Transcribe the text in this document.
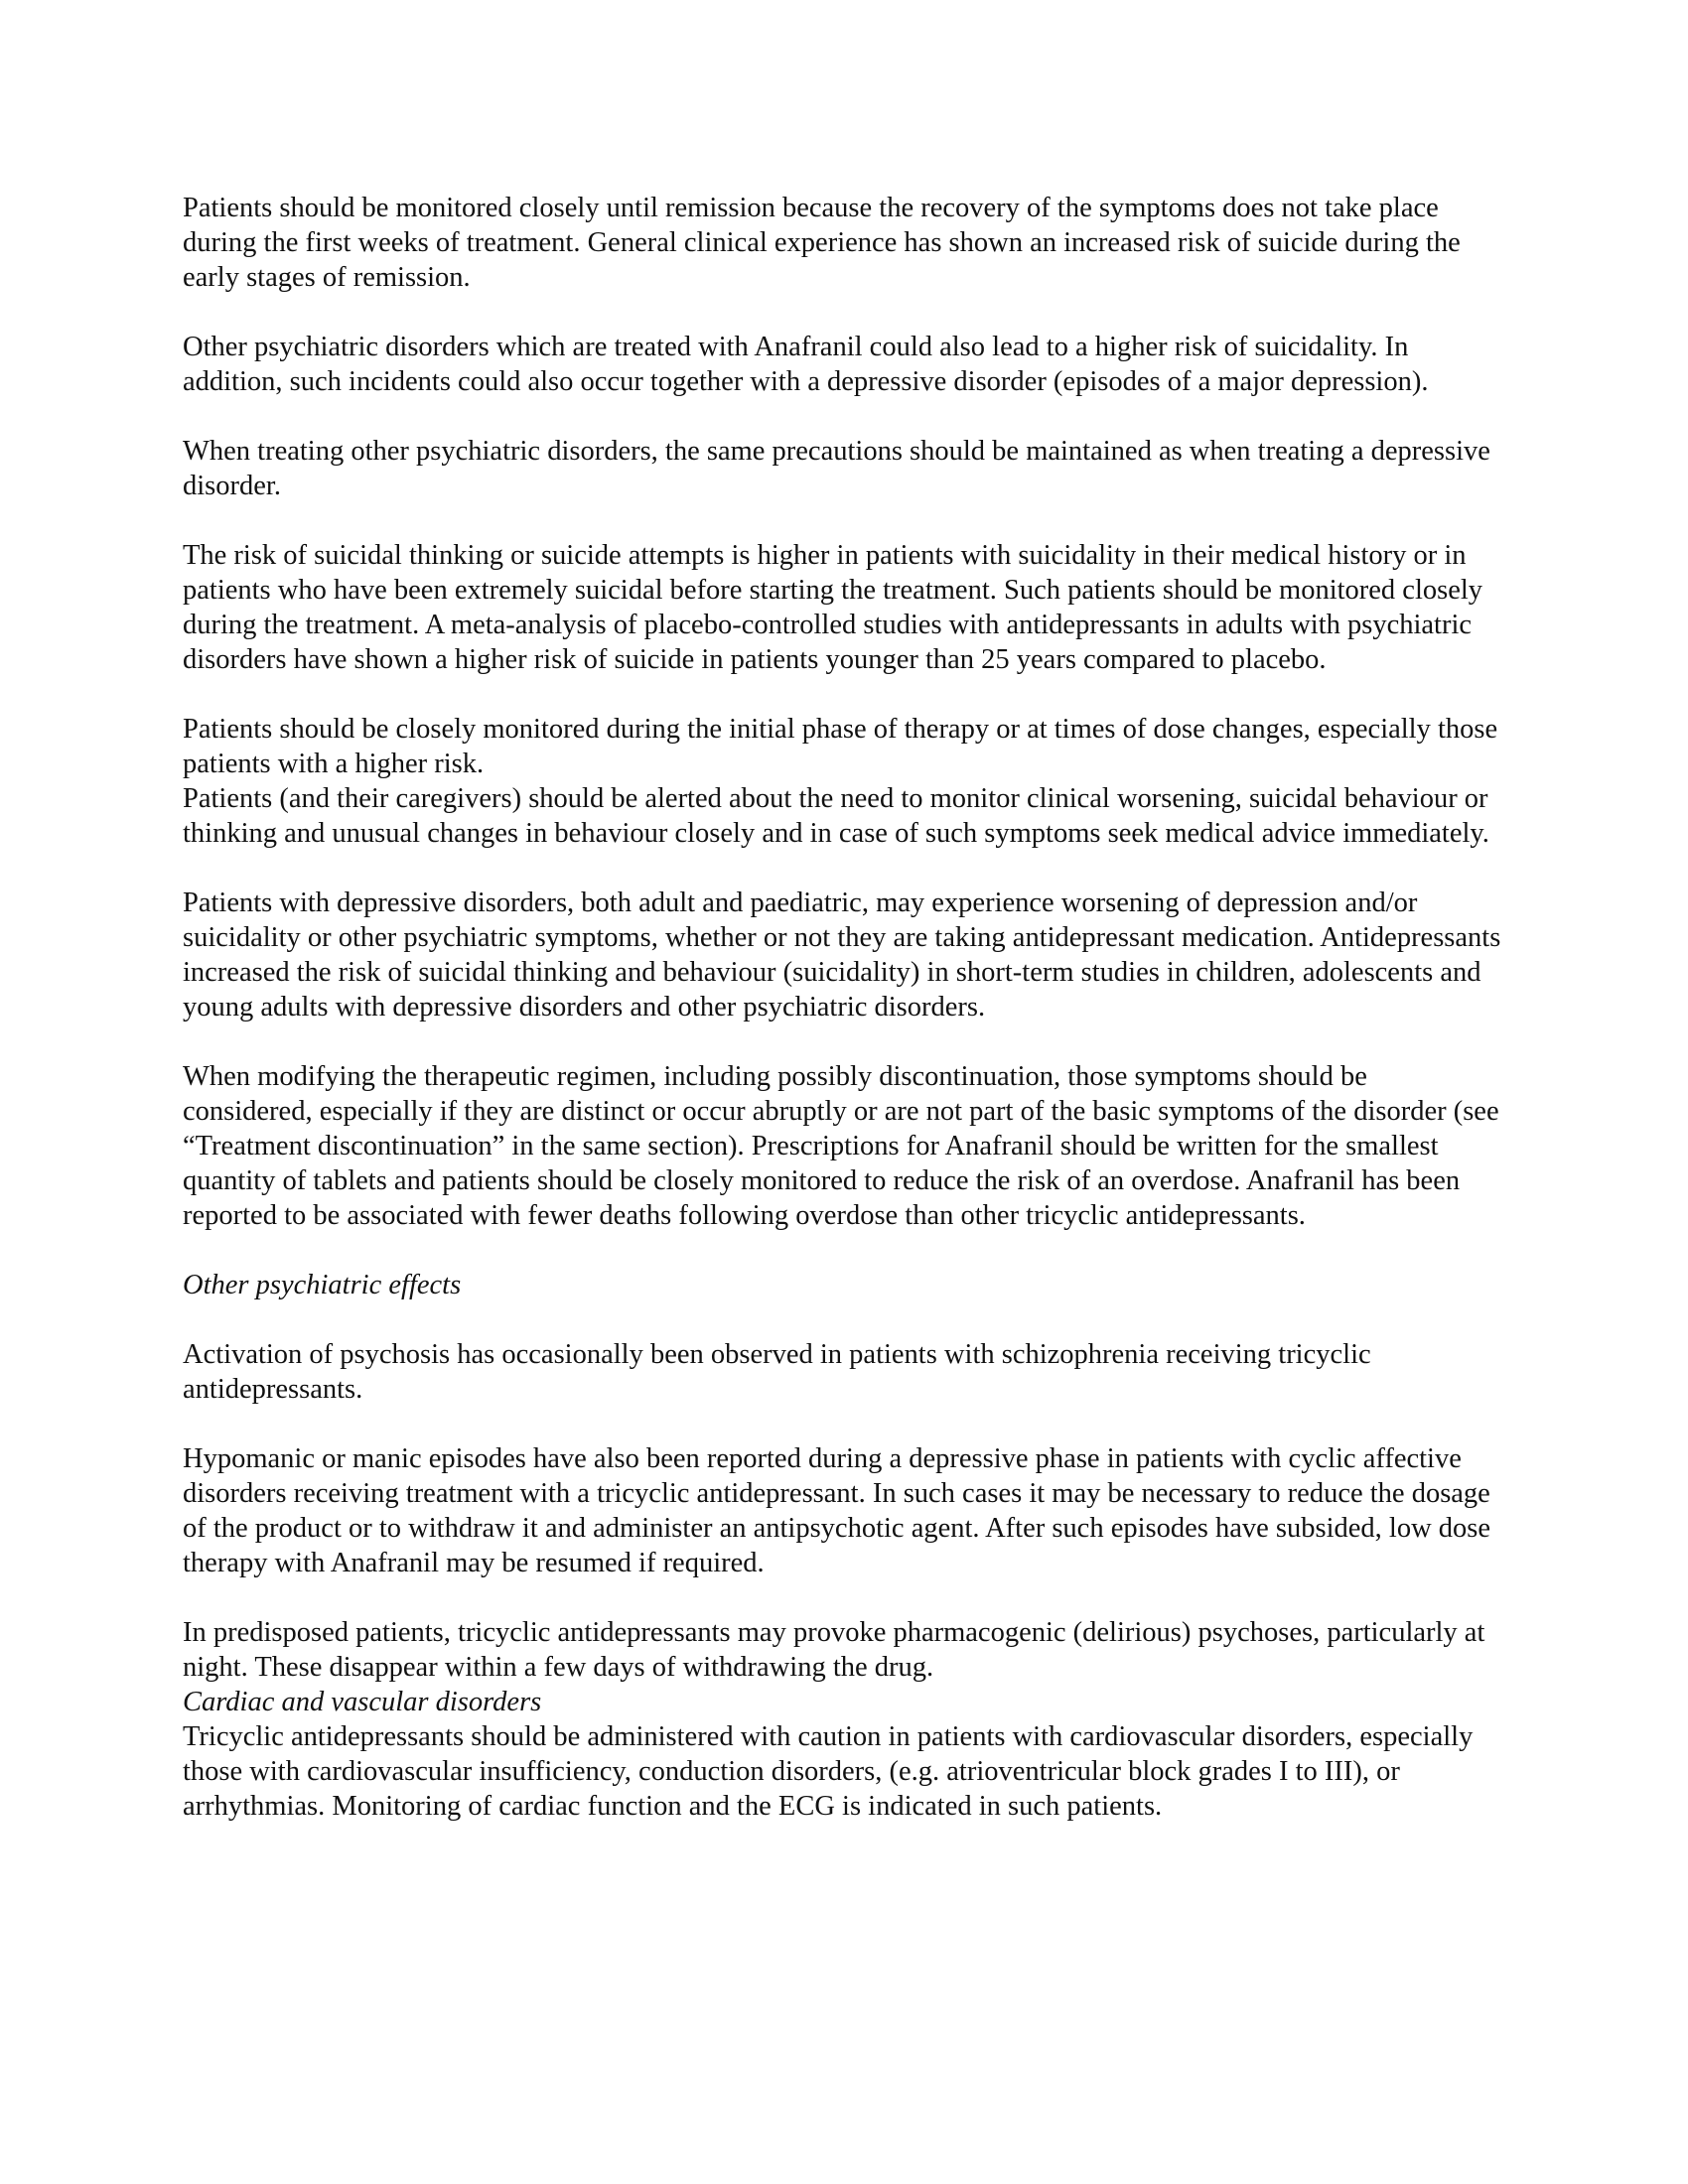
Patients should be monitored closely until remission because the recovery of the symptoms does not take place during the first weeks of treatment. General clinical experience has shown an increased risk of suicide during the early stages of remission.

Other psychiatric disorders which are treated with Anafranil could also lead to a higher risk of suicidality. In addition, such incidents could also occur together with a depressive disorder (episodes of a major depression).

When treating other psychiatric disorders, the same precautions should be maintained as when treating a depressive disorder.

The risk of suicidal thinking or suicide attempts is higher in patients with suicidality in their medical history or in patients who have been extremely suicidal before starting the treatment. Such patients should be monitored closely during the treatment. A meta-analysis of placebo-controlled studies with antidepressants in adults with psychiatric disorders have shown a higher risk of suicide in patients younger than 25 years compared to placebo.

Patients should be closely monitored during the initial phase of therapy or at times of dose changes, especially those patients with a higher risk.

Patients (and their caregivers) should be alerted about the need to monitor clinical worsening, suicidal behaviour or thinking and unusual changes in behaviour closely and in case of such symptoms seek medical advice immediately.

Patients with depressive disorders, both adult and paediatric, may experience worsening of depression and/or suicidality or other psychiatric symptoms, whether or not they are taking antidepressant medication. Antidepressants increased the risk of suicidal thinking and behaviour (suicidality) in short-term studies in children, adolescents and young adults with depressive disorders and other psychiatric disorders.

When modifying the therapeutic regimen, including possibly discontinuation, those symptoms should be considered, especially if they are distinct or occur abruptly or are not part of the basic symptoms of the disorder (see “Treatment discontinuation” in the same section). Prescriptions for Anafranil should be written for the smallest quantity of tablets and patients should be closely monitored to reduce the risk of an overdose. Anafranil has been reported to be associated with fewer deaths following overdose than other tricyclic antidepressants.

Other psychiatric effects

Activation of psychosis has occasionally been observed in patients with schizophrenia receiving tricyclic antidepressants.

Hypomanic or manic episodes have also been reported during a depressive phase in patients with cyclic affective disorders receiving treatment with a tricyclic antidepressant. In such cases it may be necessary to reduce the dosage of the product or to withdraw it and administer an antipsychotic agent. After such episodes have subsided, low dose therapy with Anafranil may be resumed if required.

In predisposed patients, tricyclic antidepressants may provoke pharmacogenic (delirious) psychoses, particularly at night. These disappear within a few days of withdrawing the drug.

Cardiac and vascular disorders

Tricyclic antidepressants should be administered with caution in patients with cardiovascular disorders, especially those with cardiovascular insufficiency, conduction disorders, (e.g. atrioventricular block grades I to III), or arrhythmias. Monitoring of cardiac function and the ECG is indicated in such patients.
